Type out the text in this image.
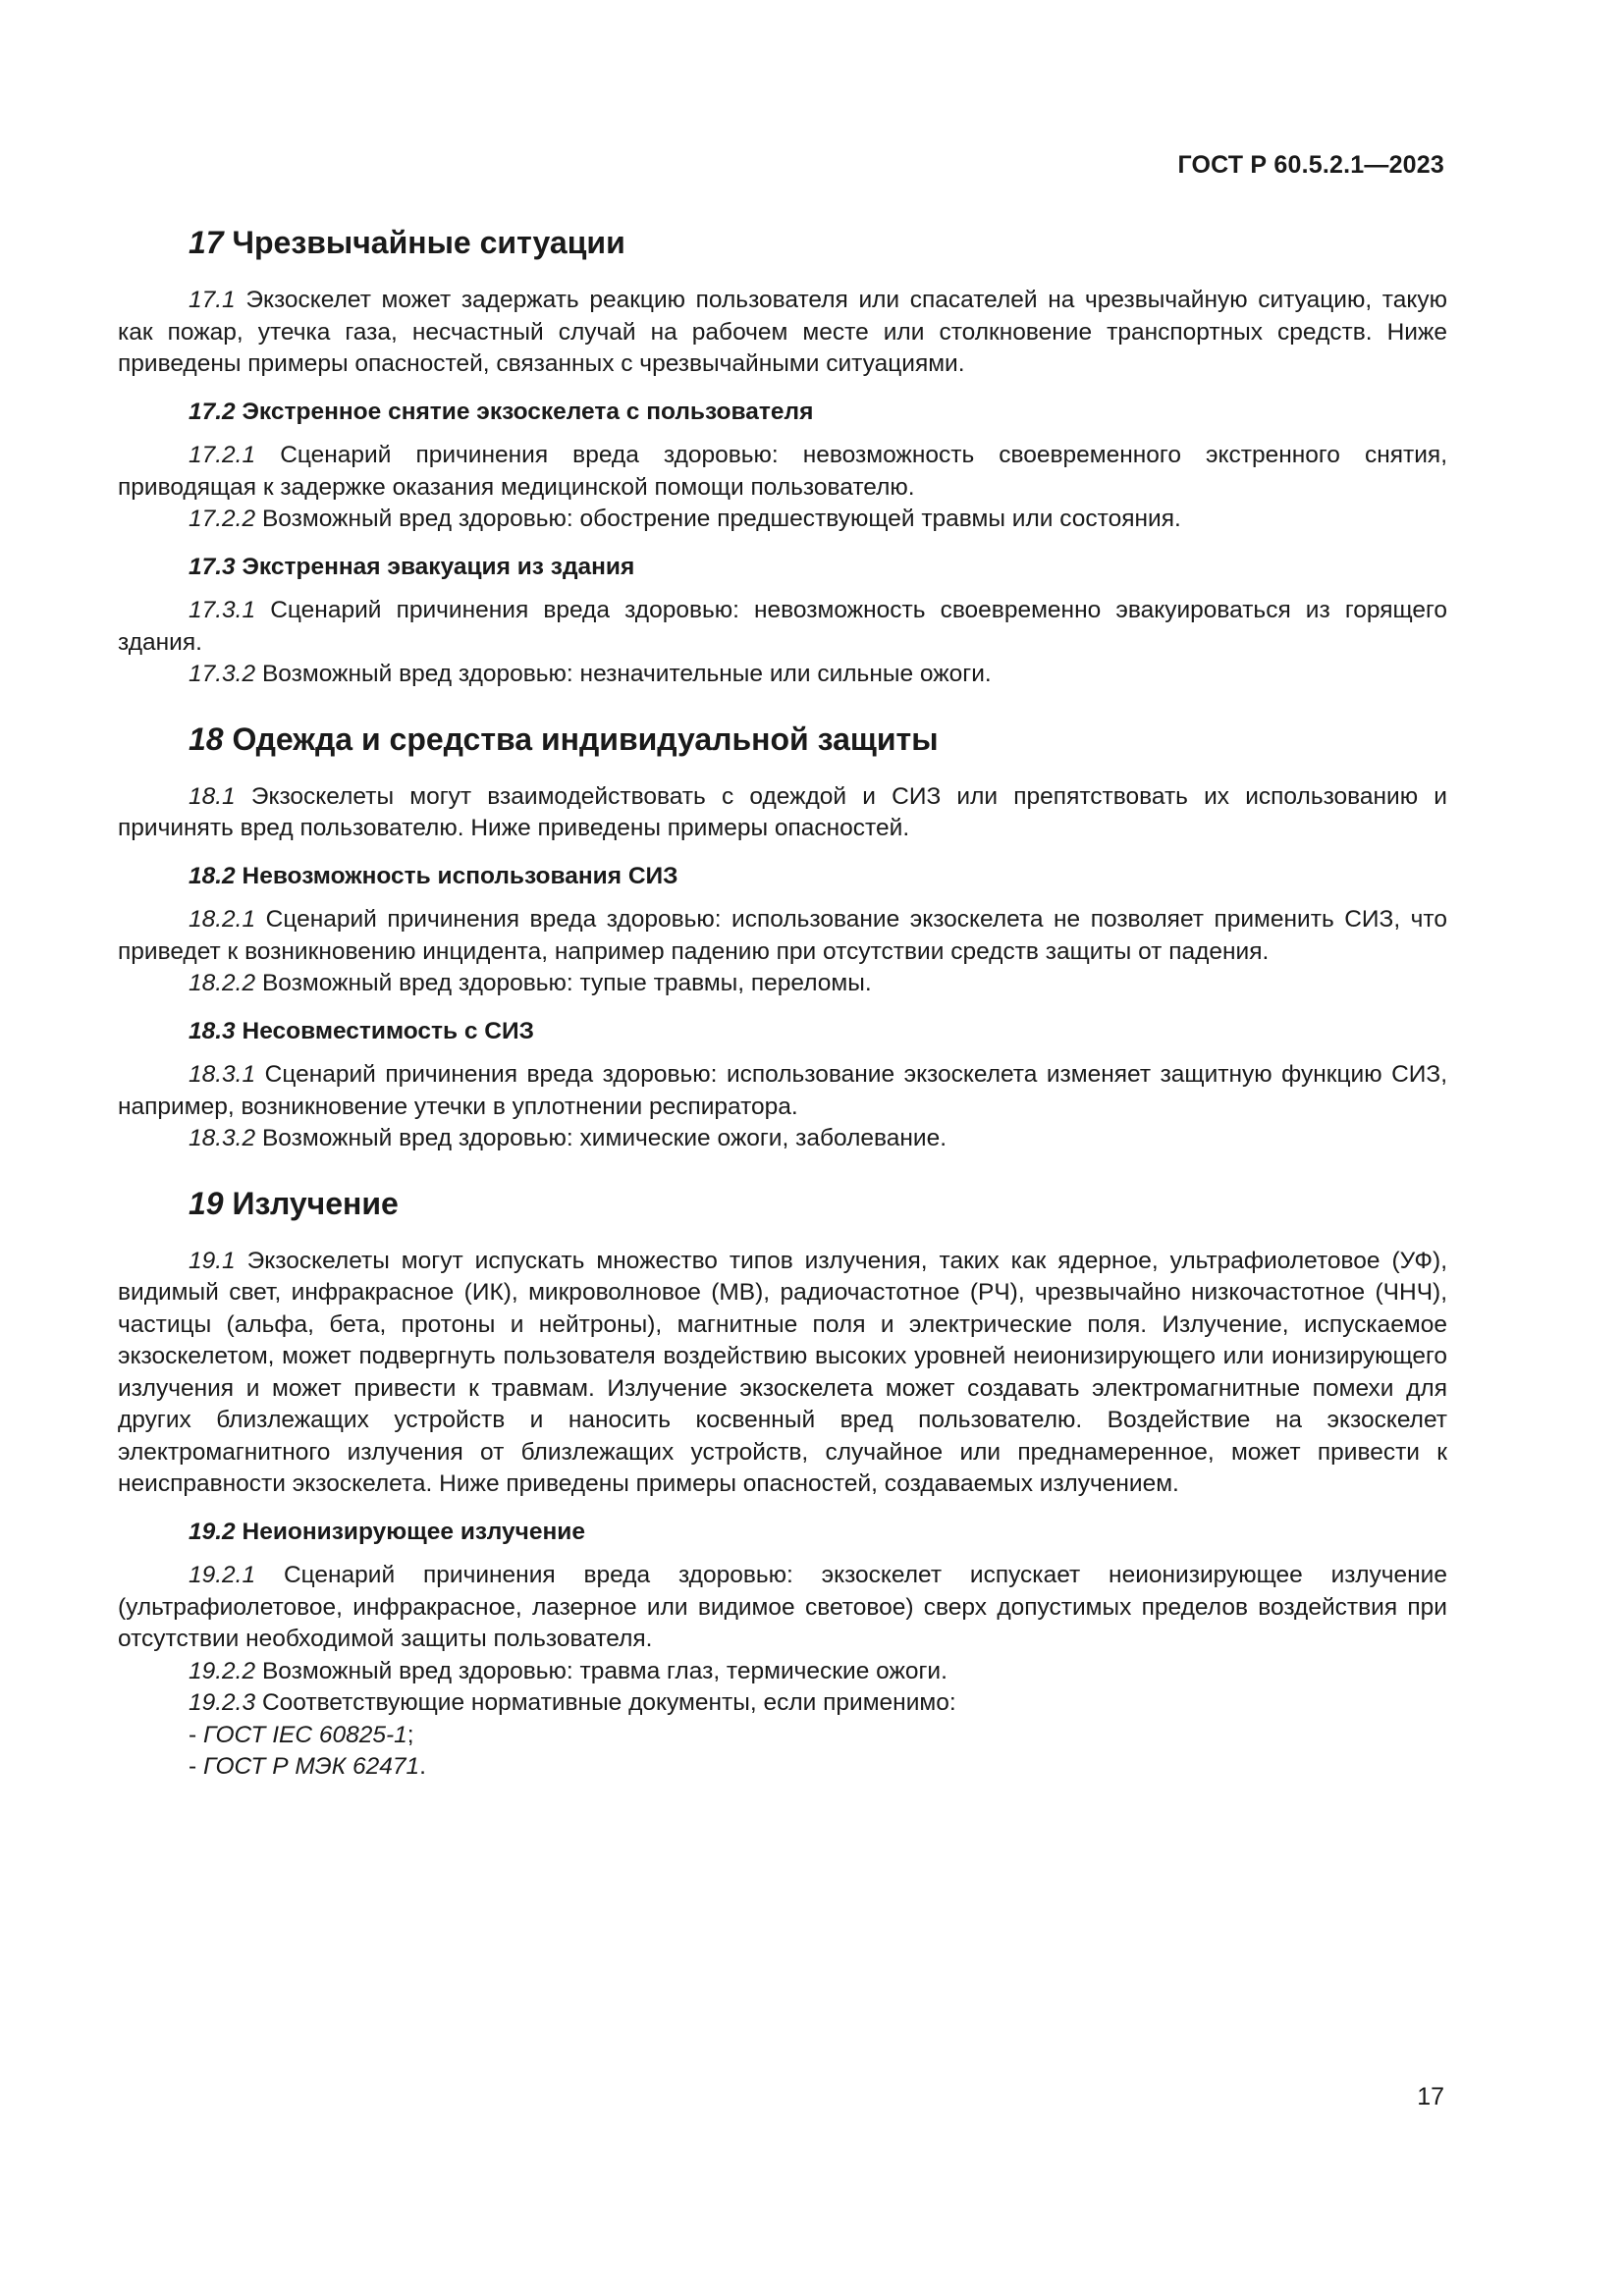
ГОСТ Р 60.5.2.1—2023
17 Чрезвычайные ситуации

17.1 Экзоскелет может задержать реакцию пользователя или спасателей на чрезвычайную ситуацию, такую как пожар, утечка газа, несчастный случай на рабочем месте или столкновение транспортных средств. Ниже приведены примеры опасностей, связанных с чрезвычайными ситуациями.

17.2 Экстренное снятие экзоскелета с пользователя

17.2.1 Сценарий причинения вреда здоровью: невозможность своевременного экстренного снятия, приводящая к задержке оказания медицинской помощи пользователю.

17.2.2 Возможный вред здоровью: обострение предшествующей травмы или состояния.

17.3 Экстренная эвакуация из здания

17.3.1 Сценарий причинения вреда здоровью: невозможность своевременно эвакуироваться из горящего здания.

17.3.2 Возможный вред здоровью: незначительные или сильные ожоги.

18 Одежда и средства индивидуальной защиты

18.1 Экзоскелеты могут взаимодействовать с одеждой и СИЗ или препятствовать их использованию и причинять вред пользователю. Ниже приведены примеры опасностей.

18.2 Невозможность использования СИЗ

18.2.1 Сценарий причинения вреда здоровью: использование экзоскелета не позволяет применить СИЗ, что приведет к возникновению инцидента, например падению при отсутствии средств защиты от падения.

18.2.2 Возможный вред здоровью: тупые травмы, переломы.

18.3 Несовместимость с СИЗ

18.3.1 Сценарий причинения вреда здоровью: использование экзоскелета изменяет защитную функцию СИЗ, например, возникновение утечки в уплотнении респиратора.

18.3.2 Возможный вред здоровью: химические ожоги, заболевание.

19 Излучение

19.1 Экзоскелеты могут испускать множество типов излучения, таких как ядерное, ультрафиолетовое (УФ), видимый свет, инфракрасное (ИК), микроволновое (МВ), радиочастотное (РЧ), чрезвычайно низкочастотное (ЧНЧ), частицы (альфа, бета, протоны и нейтроны), магнитные поля и электрические поля. Излучение, испускаемое экзоскелетом, может подвергнуть пользователя воздействию высоких уровней неионизирующего или ионизирующего излучения и может привести к травмам. Излучение экзоскелета может создавать электромагнитные помехи для других близлежащих устройств и наносить косвенный вред пользователю. Воздействие на экзоскелет электромагнитного излучения от близлежащих устройств, случайное или преднамеренное, может привести к неисправности экзоскелета. Ниже приведены примеры опасностей, создаваемых излучением.

19.2 Неионизирующее излучение

19.2.1 Сценарий причинения вреда здоровью: экзоскелет испускает неионизирующее излучение (ультрафиолетовое, инфракрасное, лазерное или видимое световое) сверх допустимых пределов воздействия при отсутствии необходимой защиты пользователя.

19.2.2 Возможный вред здоровью: травма глаз, термические ожоги.

19.2.3 Соответствующие нормативные документы, если применимо:

- ГОСТ IEC 60825-1;
- ГОСТ Р МЭК 62471.
17
